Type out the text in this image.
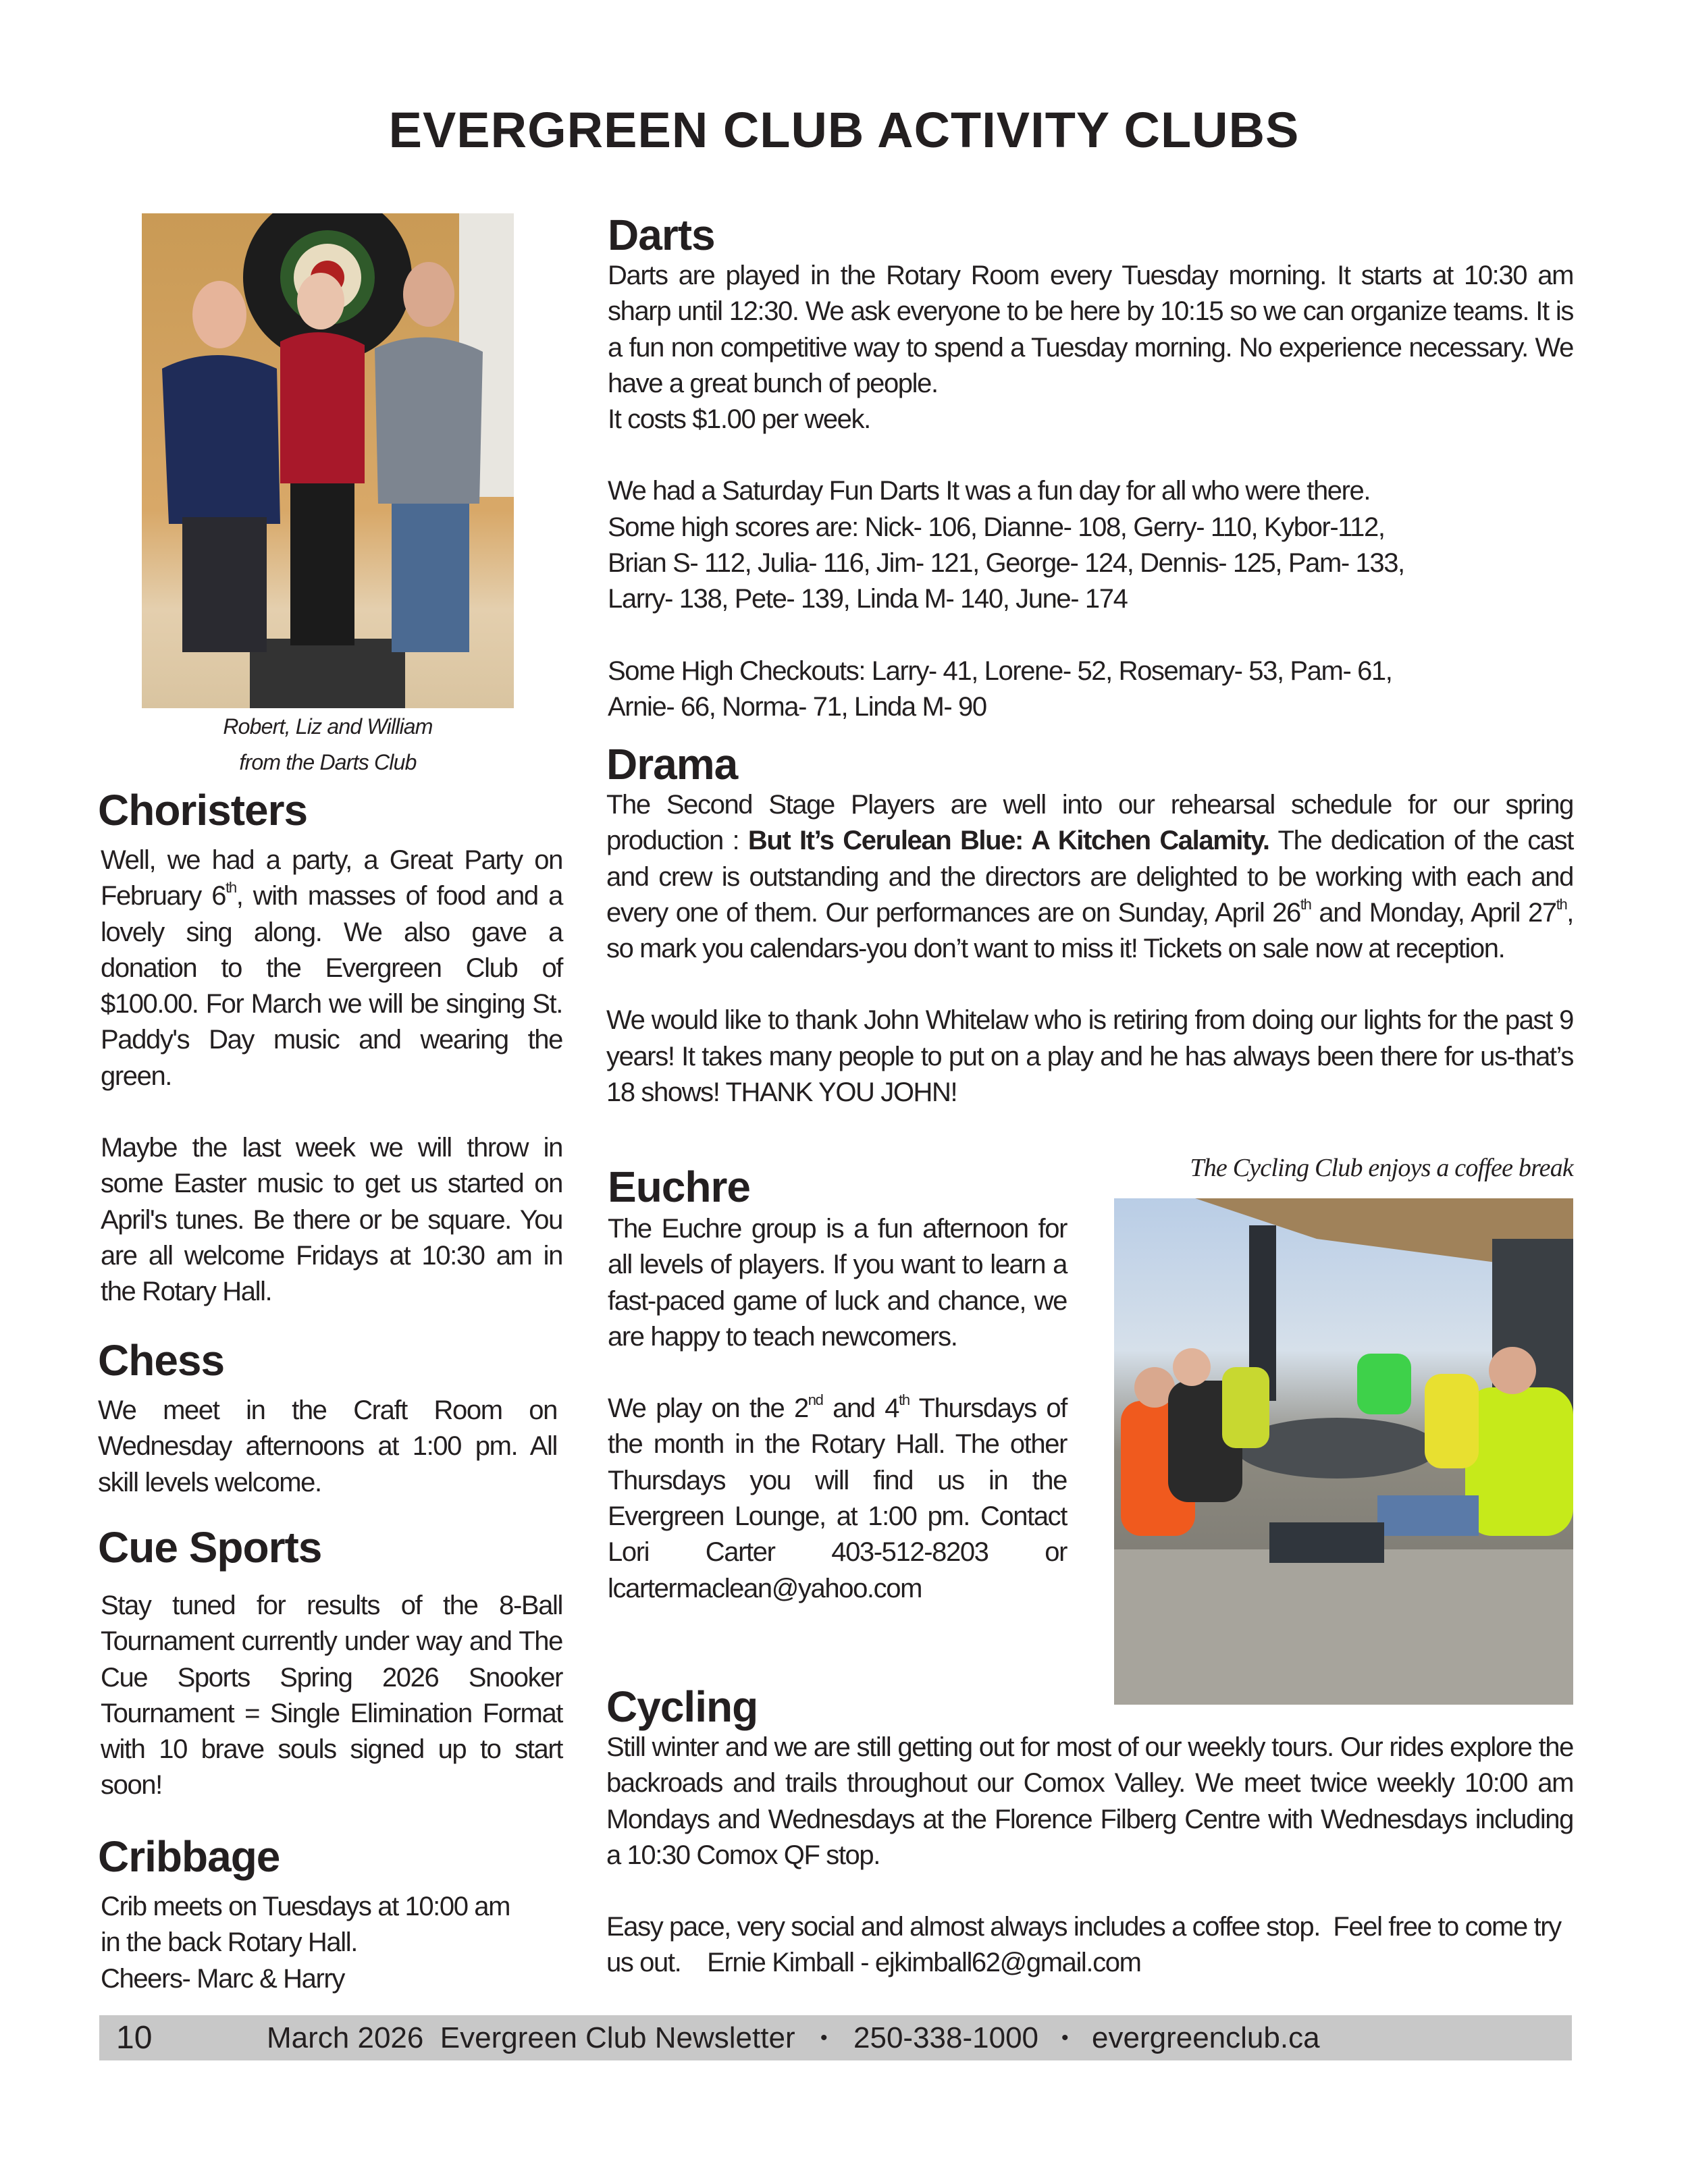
EVERGREEN CLUB ACTIVITY CLUBS
Robert, Liz and William
from the Darts Club
Choristers

Well, we had a party, a Great Party on February 6th, with masses of food and a lovely sing along. We also gave a donation to the Evergreen Club of $100.00. For March we will be singing St. Paddy's Day music and wearing the green.

Maybe the last week we will throw in some Easter music to get us started on April's tunes. Be there or be square. You are all welcome Fridays at 10:30 am in the Rotary Hall.

Chess

We meet in the Craft Room on Wednesday afternoons at 1:00 pm. All skill levels welcome.

Cue Sports

Stay tuned for results of the 8-Ball Tournament currently under way and The Cue Sports Spring 2026 Snooker Tournament = Single Elimination Format with 10 brave souls signed up to start soon!

Cribbage
Crib meets on Tuesdays at 10:00 am
in the back Rotary Hall.
Cheers- Marc & Harry
Darts

Darts are played in the Rotary Room every Tuesday morning. It starts at 10:30 am sharp until 12:30. We ask everyone to be here by 10:15 so we can organize teams. It is a fun non competitive way to spend a Tuesday morning. No experience necessary. We have a great bunch of people.

It costs $1.00 per week.

We had a Saturday Fun Darts It was a fun day for all who were there.
Some high scores are: Nick- 106, Dianne- 108, Gerry- 110, Kybor-112,
Brian S- 112, Julia- 116, Jim- 121, George- 124, Dennis- 125, Pam- 133,
Larry- 138, Pete- 139, Linda M- 140, June- 174
Some High Checkouts: Larry- 41, Lorene- 52, Rosemary- 53, Pam- 61,
Arnie- 66, Norma- 71, Linda M- 90
Drama

The Second Stage Players are well into our rehearsal schedule for our spring production : But It’s Cerulean Blue: A Kitchen Calamity. The dedication of the cast and crew is outstanding and the directors are delighted to be working with each and every one of them. Our performances are on Sunday, April 26th and Monday, April 27th, so mark you calendars-you don’t want to miss it! Tickets on sale now at reception.

We would like to thank John Whitelaw who is retiring from doing our lights for the past 9 years! It takes many people to put on a play and he has always been there for us-that’s 18 shows! THANK YOU JOHN!

The Cycling Club enjoys a coffee break
Euchre

The Euchre group is a fun afternoon for all levels of players. If you want to learn a fast-paced game of luck and chance, we are happy to teach newcomers.

We play on the 2nd and 4th Thursdays of the month in the Rotary Hall. The other Thursdays you will find us in the Evergreen Lounge, at 1:00 pm. Contact Lori Carter 403-512-8203 or lcartermaclean@yahoo.com

Cycling

Still winter and we are still getting out for most of our weekly tours. Our rides explore the backroads and trails throughout our Comox Valley. We meet twice weekly 10:00 am Mondays and Wednesdays at the Florence Filberg Centre with Wednesdays including a 10:30 Comox QF stop.

Easy pace, very social and almost always includes a coffee stop.  Feel free to come try us out.    Ernie Kimball - ejkimball62@gmail.com

10	March 2026  Evergreen Club Newsletter • 250-338-1000 • evergreenclub.ca
